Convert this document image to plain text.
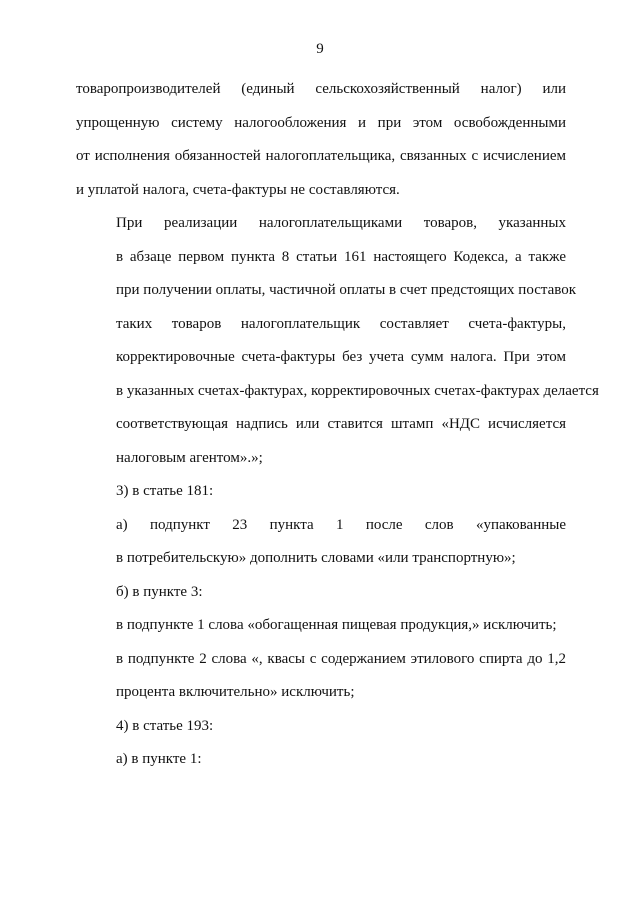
9

товаропроизводителей (единый сельскохозяйственный налог) или
упрощенную систему налогообложения и при этом освобожденными
от исполнения обязанностей налогоплательщика, связанных с исчислением
и уплатой налога, счета-фактуры не составляются.

При реализации налогоплательщиками товаров, указанных
в абзаце первом пункта 8 статьи 161 настоящего Кодекса, а также
при получении оплаты, частичной оплаты в счет предстоящих поставок
таких товаров налогоплательщик составляет счета-фактуры,
корректировочные счета-фактуры без учета сумм налога. При этом
в указанных счетах-фактурах, корректировочных счетах-фактурах делается
соответствующая надпись или ставится штамп «НДС исчисляется
налоговым агентом».»;

3) в статье 181:

а) подпункт 23 пункта 1 после слов «упакованные
в потребительскую» дополнить словами «или транспортную»;

б) в пункте 3:

в подпункте 1 слова «обогащенная пищевая продукция,» исключить;

в подпункте 2 слова «, квасы с содержанием этилового спирта до 1,2
процента включительно» исключить;

4) в статье 193:

а) в пункте 1:
